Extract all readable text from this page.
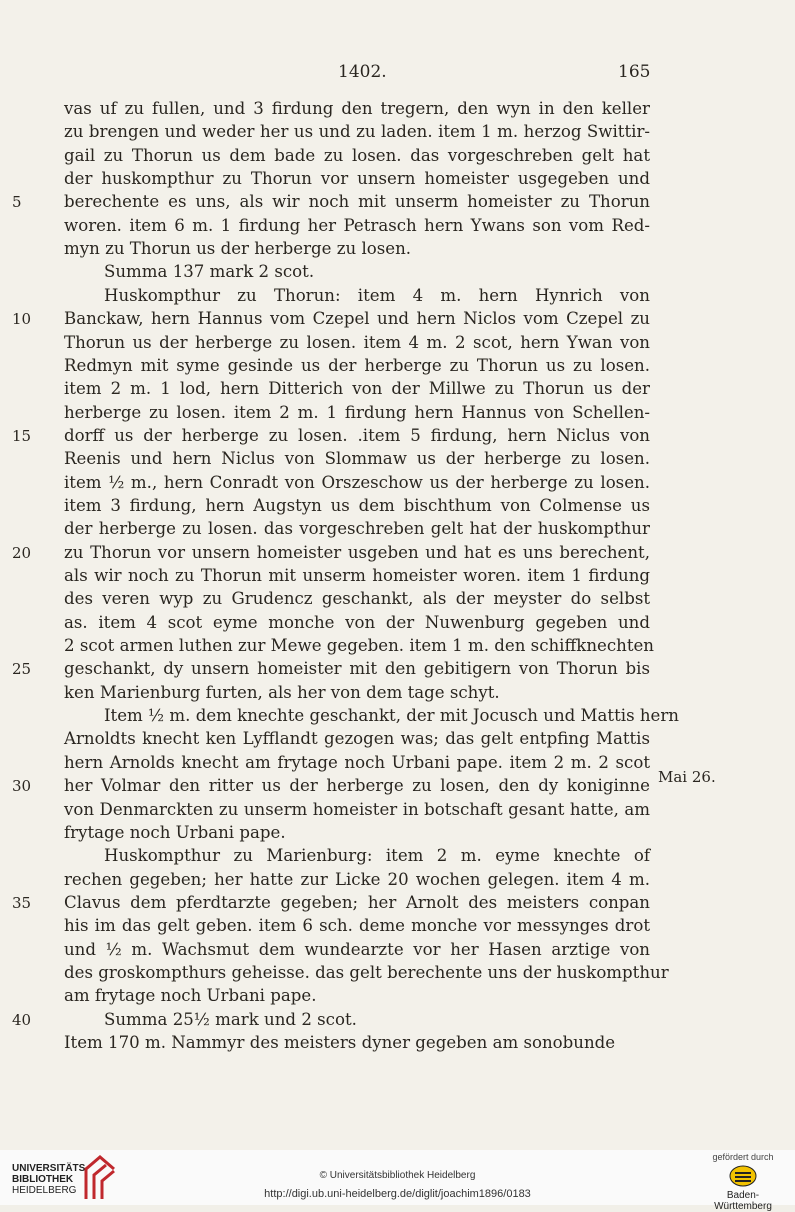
1402.	165
vas uf zu fullen, und 3 firdung den tregern, den wyn in den keller
zu brengen und weder her us und zu laden. item 1 m. herzog Swittir-
gail zu Thorun us dem bade zu losen. das vorgeschreben gelt hat
der huskompthur zu Thorun vor unsern homeister usgegeben und
5	berechente es uns, als wir noch mit unserm homeister zu Thorun
woren. item 6 m. 1 firdung her Petrasch hern Ywans son vom Red-
myn zu Thorun us der herberge zu losen.
Summa 137 mark 2 scot.
Huskompthur zu Thorun: item 4 m. hern Hynrich von
10	Banckaw, hern Hannus vom Czepel und hern Niclos vom Czepel zu
Thorun us der herberge zu losen. item 4 m. 2 scot, hern Ywan von
Redmyn mit syme gesinde us der herberge zu Thorun us zu losen.
item 2 m. 1 lod, hern Ditterich von der Millwe zu Thorun us der
herberge zu losen. item 2 m. 1 firdung hern Hannus von Schellen-
15	dorff us der herberge zu losen. .item 5 firdung, hern Niclus von
Reenis und hern Niclus von Slommaw us der herberge zu losen.
item ½ m., hern Conradt von Orszeschow us der herberge zu losen.
item 3 firdung, hern Augstyn us dem bischthum von Colmense us
der herberge zu losen. das vorgeschreben gelt hat der huskompthur
20	zu Thorun vor unsern homeister usgeben und hat es uns berechent,
als wir noch zu Thorun mit unserm homeister woren. item 1 firdung
des veren wyp zu Grudencz geschankt, als der meyster do selbst
as. item 4 scot eyme monche von der Nuwenburg gegeben und
2 scot armen luthen zur Mewe gegeben. item 1 m. den schiffknechten
25	geschankt, dy unsern homeister mit den gebitigern von Thorun bis
ken Marienburg furten, als her von dem tage schyt.
Item ½ m. dem knechte geschankt, der mit Jocusch und Mattis hern
Arnoldts knecht ken Lyfflandt gezogen was; das gelt entpfing Mattis
hern Arnolds knecht am frytage noch Urbani pape. item 2 m. 2 scot
30	her Volmar den ritter us der herberge zu losen, den dy koniginne
von Denmarckten zu unserm homeister in botschaft gesant hatte, am
frytage noch Urbani pape.
Huskompthur zu Marienburg: item 2 m. eyme knechte of
rechen gegeben; her hatte zur Licke 20 wochen gelegen. item 4 m.
35	Clavus dem pferdtarzte gegeben; her Arnolt des meisters conpan
his im das gelt geben. item 6 sch. deme monche vor messynges drot
und ½ m. Wachsmut dem wundearzte vor her Hasen arztige von
des groskompthurs geheisse. das gelt berechente uns der huskompthur
am frytage noch Urbani pape.
40	Summa 25½ mark und 2 scot.
Item 170 m. Nammyr des meisters dyner gegeben am sonobunde
Mai 26.
UNIVERSITÄTS-
BIBLIOTHEK
HEIDELBERG
© Universitätsbibliothek Heidelberg
http://digi.ub.uni-heidelberg.de/diglit/joachim1896/0183
gefördert durch
Baden-Württemberg
